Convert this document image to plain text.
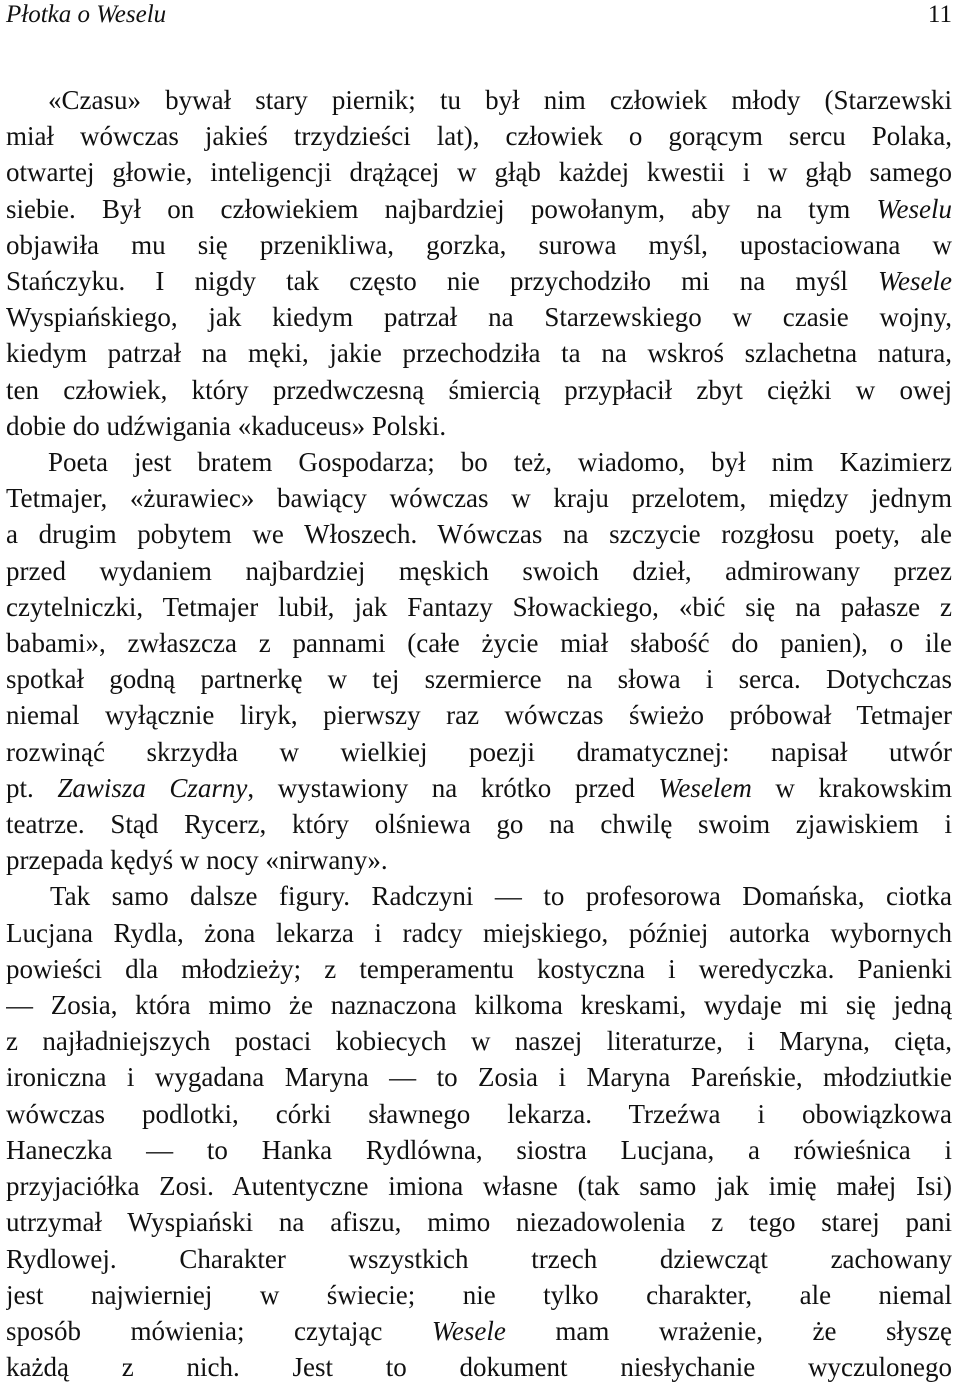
Płotka o Weselu	11
«Czasu» bywał stary piernik; tu był nim człowiek młody (Starzewski
miał wówczas jakieś trzydzieści lat), człowiek o gorącym sercu Polaka,
otwartej głowie, inteligencji drążącej w głąb każdej kwestii i w głąb samego
siebie. Był on człowiekiem najbardziej powołanym, aby na tym Weselu
objawiła mu się przenikliwa, gorzka, surowa myśl, upostaciowana w
Stańczyku. I nigdy tak często nie przychodziło mi na myśl Wesele
Wyspiańskiego, jak kiedym patrzał na Starzewskiego w czasie wojny,
kiedym patrzał na męki, jakie przechodziła ta na wskroś szlachetna natura,
ten człowiek, który przedwczesną śmiercią przypłacił zbyt ciężki w owej
dobie do udźwigania «kaduceus» Polski.
Poeta jest bratem Gospodarza; bo też, wiadomo, był nim Kazimierz
Tetmajer, «żurawiec» bawiący wówczas w kraju przelotem, między jednym
a drugim pobytem we Włoszech. Wówczas na szczycie rozgłosu poety, ale
przed wydaniem najbardziej męskich swoich dzieł, admirowany przez
czytelniczki, Tetmajer lubił, jak Fantazy Słowackiego, «bić się na pałasze z
babami», zwłaszcza z pannami (całe życie miał słabość do panien), o ile
spotkał godną partnerkę w tej szermierce na słowa i serca. Dotychczas
niemal wyłącznie liryk, pierwszy raz wówczas świeżo próbował Tetmajer
rozwinąć skrzydła w wielkiej poezji dramatycznej: napisał utwór
pt. Zawisza Czarny, wystawiony na krótko przed Weselem w krakowskim
teatrze. Stąd Rycerz, który olśniewa go na chwilę swoim zjawiskiem i
przepada kędyś w nocy «nirwany».
Tak samo dalsze figury. Radczyni — to profesorowa Domańska, ciotka
Lucjana Rydla, żona lekarza i radcy miejskiego, później autorka wybornych
powieści dla młodzieży; z temperamentu kostyczna i weredyczka. Panienki
— Zosia, która mimo że naznaczona kilkoma kreskami, wydaje mi się jedną
z najładniejszych postaci kobiecych w naszej literaturze, i Maryna, cięta,
ironiczna i wygadana Maryna — to Zosia i Maryna Pareńskie, młodziutkie
wówczas podlotki, córki sławnego lekarza. Trzeźwa i obowiązkowa
Haneczka — to Hanka Rydlówna, siostra Lucjana, a rówieśnica i
przyjaciółka Zosi. Autentyczne imiona własne (tak samo jak imię małej Isi)
utrzymał Wyspiański na afiszu, mimo niezadowolenia z tego starej pani
Rydlowej. Charakter wszystkich trzech dziewcząt zachowany
jest najwierniej w świecie; nie tylko charakter, ale niemal
sposób mówienia; czytając Wesele mam wrażenie, że słyszę
każdą z nich. Jest to dokument niesłychanie wyczulonego
